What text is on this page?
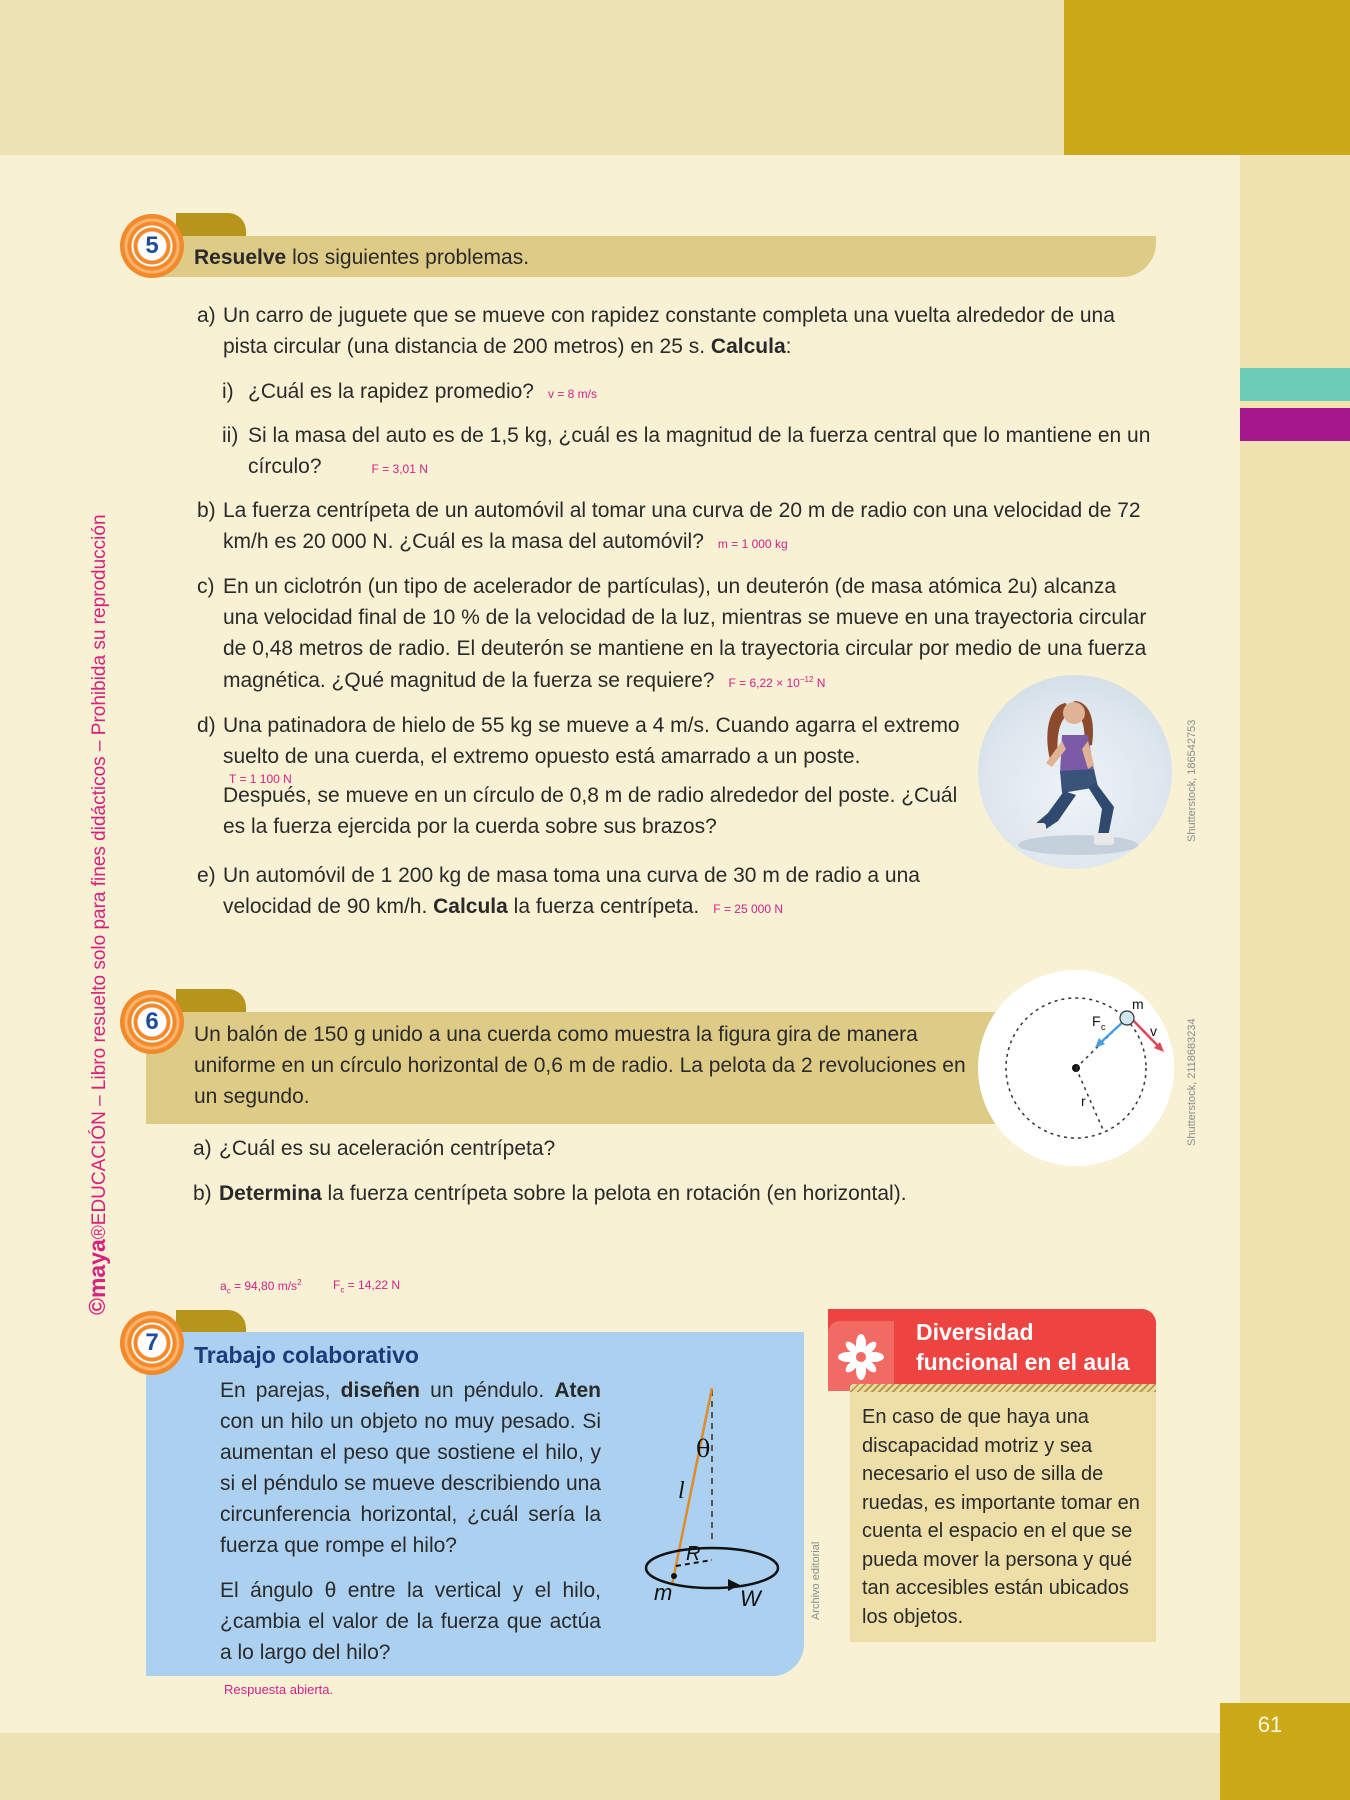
61
©maya®EDUCACIÓN – Libro resuelto solo para fines didácticos – Prohibida su reproducción
5 Resuelve los siguientes problemas.
a) Un carro de juguete que se mueve con rapidez constante completa una vuelta alrededor de una pista circular (una distancia de 200 metros) en 25 s. Calcula:
i) ¿Cuál es la rapidez promedio? v = 8 m/s
ii) Si la masa del auto es de 1,5 kg, ¿cuál es la magnitud de la fuerza central que lo mantiene en un círculo?	F = 3,01 N
b) La fuerza centrípeta de un automóvil al tomar una curva de 20 m de radio con una velocidad de 72 km/h es 20 000 N. ¿Cuál es la masa del automóvil? m = 1 000 kg
c) En un ciclotrón (un tipo de acelerador de partículas), un deuterón (de masa atómica 2u) alcanza una velocidad final de 10 % de la velocidad de la luz, mientras se mueve en una trayectoria circular de 0,48 metros de radio. El deuterón se mantiene en la trayectoria circular por medio de una fuerza magnética. ¿Qué magnitud de la fuerza se requiere? $F = 6,22 \times 10^{-12}$ N
d) Una patinadora de hielo de 55 kg se mueve a 4 m/s. Cuando agarra el extremo suelto de una cuerda, el extremo opuesto está amarrado a un poste.
Después, se mueve en un círculo de 0,8 m de radio alrededor del poste. ¿Cuál es la fuerza ejercida por la cuerda sobre sus brazos?
T = 1 100 N	Shutterstock, 186542753
e) Un automóvil de 1 200 kg de masa toma una curva de 30 m de radio a una velocidad de 90 km/h. Calcula la fuerza centrípeta. F = 25 000 N
6 Un balón de 150 g unido a una cuerda como muestra la figura gira de manera uniforme en un círculo horizontal de 0,6 m de radio. La pelota da 2 revoluciones en un segundo.
m
F c	v
r	Shutterstock, 2118683234
a) ¿Cuál es su aceleración centrípeta?
b) Determina la fuerza centrípeta sobre la pelota en rotación (en horizontal).
$a_c = 94,80$ $m/s^2$	$F_c = 14,22$ N
7 Trabajo colaborativo
En parejas, diseñen un péndulo. Aten con un hilo un objeto no muy pesado. Si aumentan el peso que sostiene el hilo, y si el péndulo se mueve describiendo una circunferencia horizontal, ¿cuál sería la fuerza que rompe el hilo?
El ángulo θ entre la vertical y el hilo, ¿cambia el valor de la fuerza que actúa a lo largo del hilo?
θ
l
R
m	W	Archivo editorial
Respuesta abierta.
Diversidad
funcional en el aula
En caso de que haya una discapacidad motriz y sea necesario el uso de silla de ruedas, es importante tomar en cuenta el espacio en el que se pueda mover la persona y qué tan accesibles están ubicados los objetos.
